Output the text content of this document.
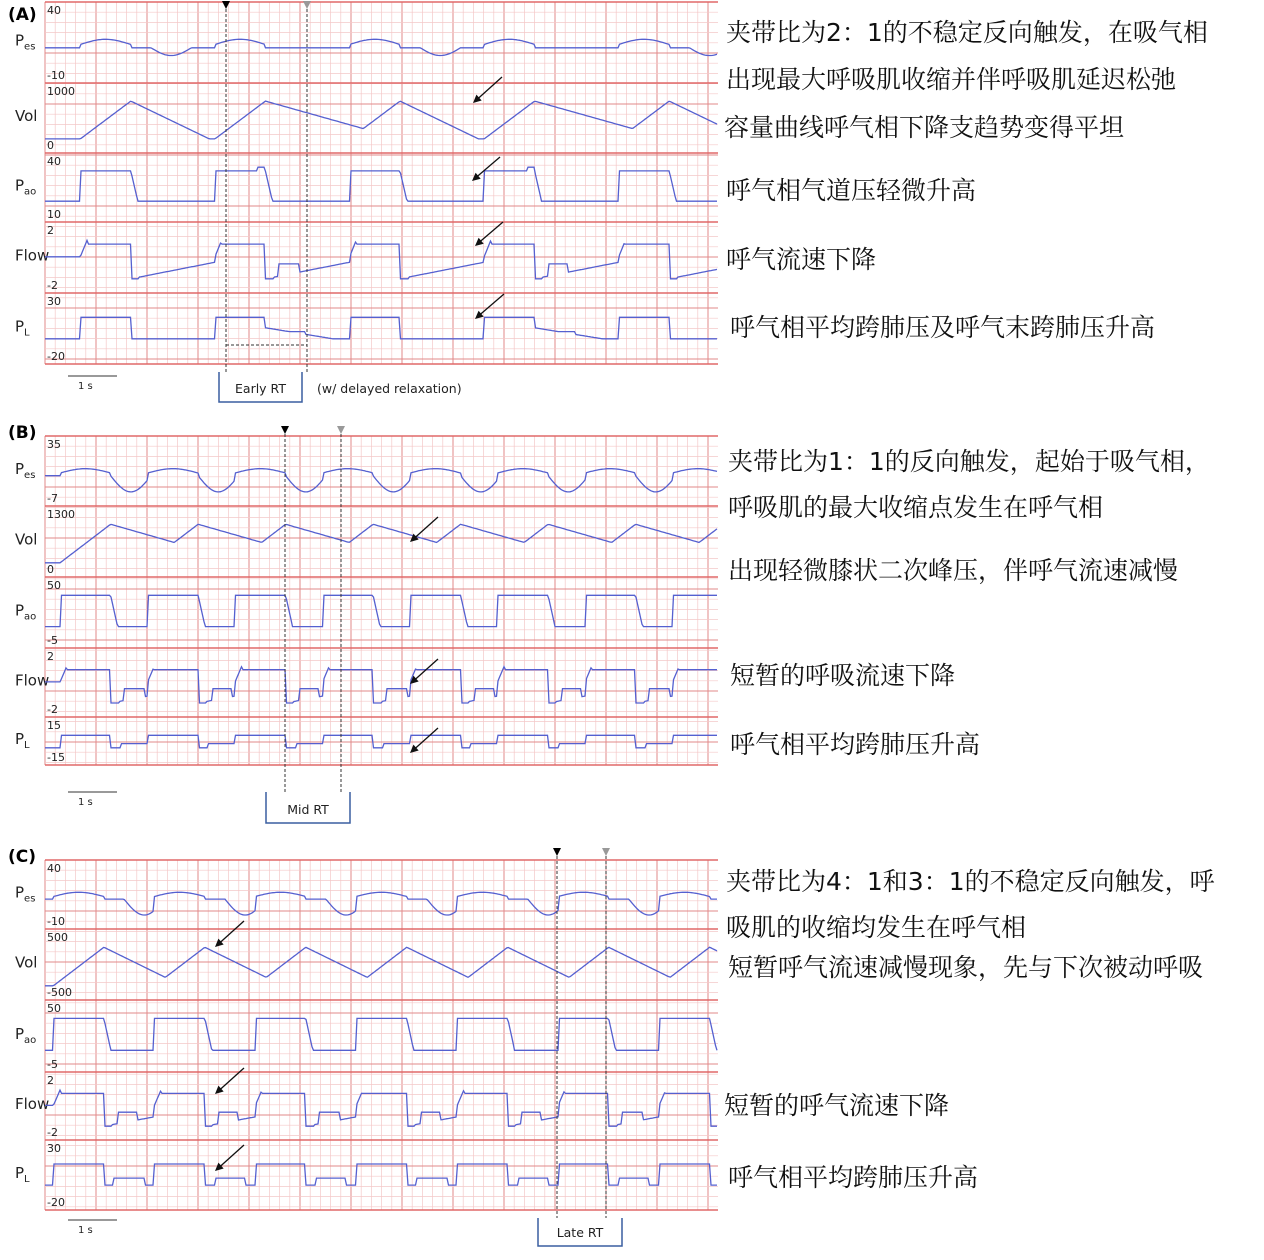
(A)
$P_{es}$
40
-10
Vol
1000
0
$P_{ao}$
40
10
Flow
2
-2
$P_L$
30
-20
1 s	Early RT (w/ delayed relaxation)
夹带比为2：1的不稳定反向触发，在吸气相
出现最大呼吸肌收缩并伴呼吸肌延迟松弛
容量曲线呼气相下降支趋势变得平坦
呼气相气道压轻微升高
呼气流速下降
呼气相平均跨肺压及呼气末跨肺压升高
(B)
$P_{es}$
35
-7
Vol
1300
0
$P_{ao}$
50
-5
Flow
2
-2
$P_L$
15
-15
1 s	Mid RT
夹带比为1：1的反向触发，起始于吸气相，
呼吸肌的最大收缩点发生在呼气相
出现轻微膝状二次峰压，伴呼气流速减慢
短暂的呼吸流速下降
呼气相平均跨肺压升高
(C)
$P_{es}$
40
-10
Vol
500
-500
$P_{ao}$
50
-5
Flow
2
-2
$P_L$
30
-20
1 s	Late RT
夹带比为4：1和3：1的不稳定反向触发，呼
吸肌的收缩均发生在呼气相
短暂呼气流速减慢现象，先与下次被动呼吸
短暂的呼气流速下降
呼气相平均跨肺压升高
